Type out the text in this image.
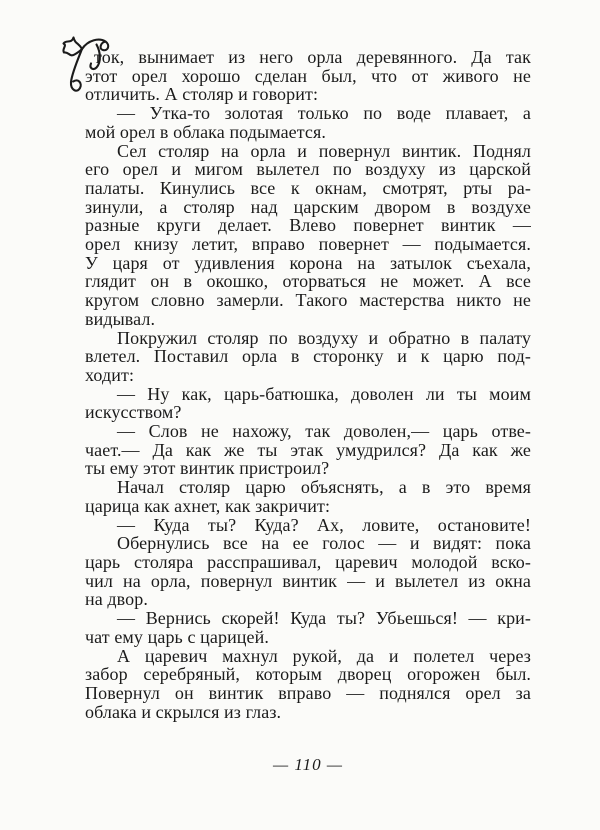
ток, вынимает из него орла деревянного. Да так
этот орел хорошо сделан был, что от живого не
отличить. А столяр и говорит:
— Утка-то золотая только по воде плавает, а
мой орел в облака подымается.
Сел столяр на орла и повернул винтик. Поднял
его орел и мигом вылетел по воздуху из царской
палаты. Кинулись все к окнам, смотрят, рты ра-
зинули, а столяр над царским двором в воздухе
разные круги делает. Влево повернет винтик —
орел книзу летит, вправо повернет — подымается.
У царя от удивления корона на затылок съехала,
глядит он в окошко, оторваться не может. А все
кругом словно замерли. Такого мастерства никто не
видывал.
Покружил столяр по воздуху и обратно в палату
влетел. Поставил орла в сторонку и к царю под-
ходит:
— Ну как, царь-батюшка, доволен ли ты моим
искусством?
— Слов не нахожу, так доволен,— царь отве-
чает.— Да как же ты этак умудрился? Да как же
ты ему этот винтик пристроил?
Начал столяр царю объяснять, а в это время
царица как ахнет, как закричит:
— Куда ты? Куда? Ах, ловите, остановите!
Обернулись все на ее голос — и видят: пока
царь столяра расспрашивал, царевич молодой вско-
чил на орла, повернул винтик — и вылетел из окна
на двор.
— Вернись скорей! Куда ты? Убьешься! — кри-
чат ему царь с царицей.
А царевич махнул рукой, да и полетел через
забор серебряный, которым дворец огорожен был.
Повернул он винтик вправо — поднялся орел за
облака и скрылся из глаз.
— 110 —
